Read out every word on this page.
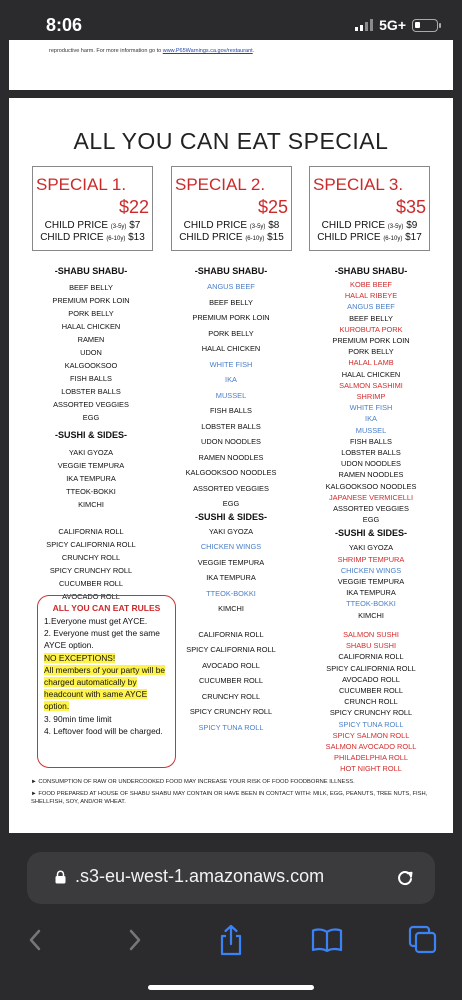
8:06	5G+
reproductive harm. For more information go to www.P65Warnings.ca.gov/restaurant.
ALL YOU CAN EAT SPECIAL
SPECIAL 1.
$22
CHILD PRICE (3-5y) $7
CHILD PRICE (6-10y) $13
SPECIAL 2.
$25
CHILD PRICE (3-5y) $8
CHILD PRICE (6-10y) $15
SPECIAL 3.
$35
CHILD PRICE (3-5y) $9
CHILD PRICE (6-10y) $17
-SHABU SHABU-
BEEF BELLY
PREMIUM PORK LOIN
PORK BELLY
HALAL CHICKEN
RAMEN
UDON
KALGOOKSOO
FISH BALLS
LOBSTER BALLS
ASSORTED VEGGIES
EGG
-SUSHI & SIDES-
YAKI GYOZA
VEGGIE TEMPURA
IKA TEMPURA
TTEOK-BOKKI
KIMCHI
CALIFORNIA ROLL
SPICY CALIFORNIA ROLL
CRUNCHY ROLL
SPICY CRUNCHY ROLL
CUCUMBER ROLL
AVOCADO ROLL
-SHABU SHABU-
ANGUS BEEF
BEEF BELLY
PREMIUM PORK LOIN
PORK BELLY
HALAL CHICKEN
WHITE FISH
IKA
MUSSEL
FISH BALLS
LOBSTER BALLS
UDON NOODLES
RAMEN NOODLES
KALGOOKSOO NOODLES
ASSORTED VEGGIES
EGG
-SUSHI & SIDES-
YAKI GYOZA
CHICKEN WINGS
VEGGIE TEMPURA
IKA TEMPURA
TTEOK-BOKKI
KIMCHI
CALIFORNIA ROLL
SPICY CALIFORNIA ROLL
AVOCADO ROLL
CUCUMBER ROLL
CRUNCHY ROLL
SPICY CRUNCHY ROLL
SPICY TUNA ROLL
-SHABU SHABU-
KOBE BEEF
HALAL RIBEYE
ANGUS BEEF
BEEF BELLY
KUROBUTA PORK
PREMIUM PORK LOIN
PORK BELLY
HALAL LAMB
HALAL CHICKEN
SALMON SASHIMI
SHRIMP
WHITE FISH
IKA
MUSSEL
FISH BALLS
LOBSTER BALLS
UDON NOODLES
RAMEN NOODLES
KALGOOKSOO NOODLES
JAPANESE VERMICELLI
ASSORTED VEGGIES
EGG
-SUSHI & SIDES-
YAKI GYOZA
SHRIMP TEMPURA
CHICKEN WINGS
VEGGIE TEMPURA
IKA TEMPURA
TTEOK-BOKKI
KIMCHI
SALMON SUSHI
SHABU SUSHI
CALIFORNIA ROLL
SPICY CALIFORNIA ROLL
AVOCADO ROLL
CUCUMBER ROLL
CRUNCH ROLL
SPICY CRUNCHY ROLL
SPICY TUNA ROLL
SPICY SALMON ROLL
SALMON AVOCADO ROLL
PHILADELPHIA ROLL
HOT NIGHT ROLL
ALL YOU CAN EAT RULES
1.Everyone must get AYCE.
2. Everyone must get the same AYCE option.
NO EXCEPTIONS!
All members of your party will be charged automatically by headcount with same AYCE option.
3. 90min time limit
4. Leftover food will be charged.
► CONSUMPTION OF RAW OR UNDERCOOKED FOOD MAY INCREASE YOUR RISK OF FOOD FOODBORNE ILLNESS.
► FOOD PREPARED AT HOUSE OF SHABU SHABU MAY CONTAIN OR HAVE BEEN IN CONTACT WITH: MILK, EGG, PEANUTS, TREE NUTS, FISH, SHELLFISH, SOY, AND/OR WHEAT.
.s3-eu-west-1.amazonaws.com
